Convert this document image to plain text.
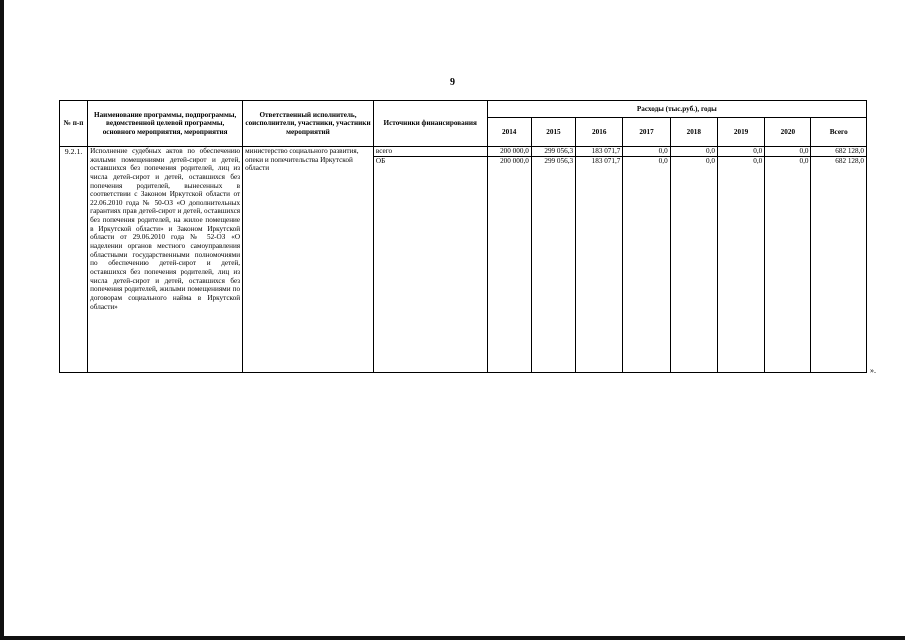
9
№ п-п	Наименование программы, подпрограммы, ведомственной целевой программы, основного мероприятия, мероприятия	Ответственный исполнитель, соисполнители, участники, участники мероприятий	Источники финансирования	Расходы (тыс.руб.), годы							
				2014	2015	2016	2017	2018	2019	2020	Всего
9.2.1.	Исполнение судебных актов по обеспечению жилыми помещениями детей-сирот и детей, оставшихся без попечения родителей, лиц из числа детей-сирот и детей, оставшихся без попечения родителей, вынесенных в соответствии с Законом Иркутской области от 22.06.2010 года № 50-ОЗ «О дополнительных гарантиях прав детей-сирот и детей, оставшихся без попечения родителей, на жилое помещение в Иркутской области» и Законом Иркутской области от 29.06.2010 года № 52-ОЗ «О наделении органов местного самоуправления областными государственными полномочиями по обеспечению детей-сирот и детей, оставшихся без попечения родителей, лиц из числа детей-сирот и детей, оставшихся без попечения родителей, жилыми помещениями по договорам социального найма в Иркутской области»	министерство социального развития, опеки и попечительства Иркутской области	всего	200 000,0	299 056,3	183 071,7	0,0	0,0	0,0	0,0	682 128,0
			ОБ	200 000,0	299 056,3	183 071,7	0,0	0,0	0,0	0,0	682 128,0
».
